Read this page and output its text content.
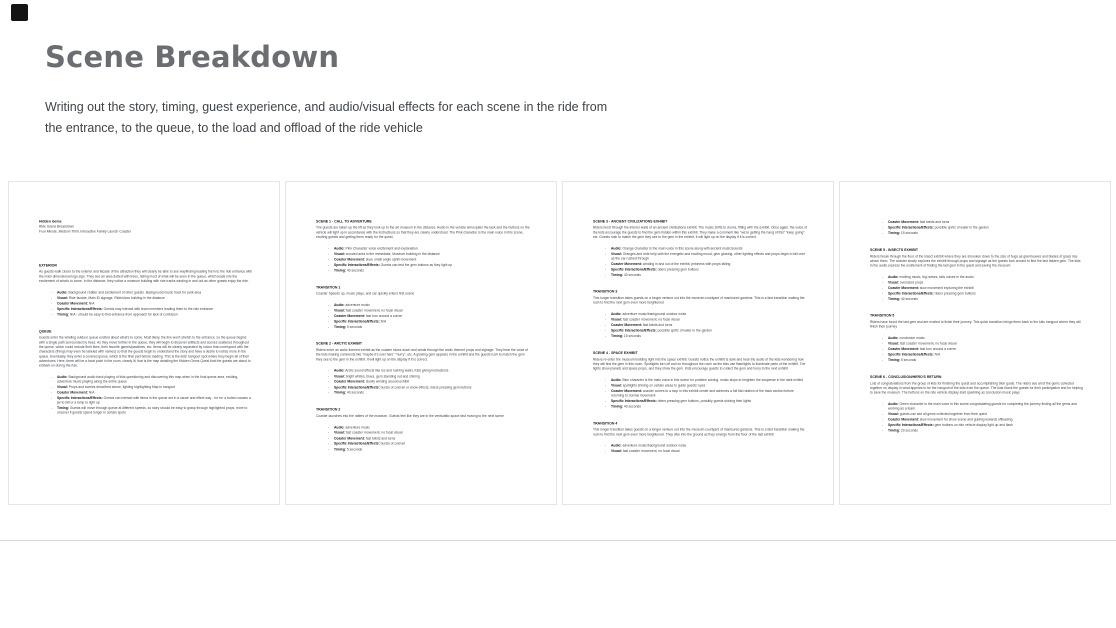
Scene Breakdown

Writing out the story, timing, guest experience, and audio/visual effects for each scene in the ride from the entrance, to the queue, to the load and offload of the ride vehicle

Hidden Gems
Ride Scene Breakdown
Four Minute, Medium Thrill, Interactive Family Launch Coaster
EXTERIOR

As guests walk closer to the exterior and facade of the attraction they will clearly be able to see wayfinding leading them to the ride entrance with the main dimensional logo sign. They see an area dotted with trees, hiding most of what will be seen in the queue, which leads into the excitement of what's to come. In the distance, they notice a museum building with ride tracks winding in and out as other guests enjoy the ride.

- Audio: Background chatter and excitement of other guests. Background music track for park area
- Visual: Ride facade, Main ID signage, Ride/show building in the distance
- Coaster Movement: N/A
- Specific Interactions/Effects: Guests may interact with team members leading them to the ride entrance
- Timing: N/A - should be easy to find entrance from approach for lack of confusion
QUEUE

Guests enter the winding outdoor queue excited about what's to come. Most likely, the line won't stretch to the entrance, so the queue begins with a single path surrounded by trees. As they move further in the queue, they will begin to discover artifacts and scenes scattered throughout the queue, which could include their likes, their favorite games/pastimes, etc. Items will be clearly separated by colors that correspond with the characters (things may even be labeled with names) so that the guests begin to understand the story and have a desire to notice more in the queue. Eventually, they enter a covered queue, which is the final part before loading. This is the kids' hangout spot where they begin all of their adventures. Here, there will be a focal point in the room, clearly lit, that is the map detailing the Hidden Gems Quest that the guests are about to embark on during the ride.

- Audio: Background audio track playing of kids questioning and discovering this map when in the final queue area, exciting, adventure music playing along the entire queue
- Visual: Props and scenes described above, lighting highlighting Map in hangout
- Coaster Movement: N/A
- Specific Interactions/Effects: Guests can interact with items in the queue set in a cause and effect way - for ex: a button causes a jar to fall or a lamp to light up
- Timing: Guests will move through queue at different speeds, so story should be easy to grasp through highlighted props; more to uncover if guests spend longer in certain spots
SCENE 1 - CALL TO ADVENTURE

The guests are taken up the lift as they look up to the art museum in the distance. Audio in the vehicle will explain the task and the buttons on the vehicle will light up in accordance with the instructions so that they are clearly understood. The Pink character is the main voice in this scene, exciting guests and getting them ready for the quest.

- Audio: Pink Character voice excitement and explanation
- Visual: wooded area in the immediate, Museum building in the distance
- Coaster Movement: slow, small angle uphill movement
- Specific Interactions/Effects: Guests can test the gem buttons as they light up
- Timing: 40 seconds
TRANSITION 1

Coaster Speeds up, music plays, and car quickly enters first scene

- Audio: adventure music
- Visual: fast coaster movement, no focal visual
- Coaster Movement: fast turn around a corner
- Specific Interactions/Effects: N/A
- Timing: 5 seconds
SCENE 2 - ARCTIC EXHIBIT

Riders enter an arctic themed exhibit as the coaster slows down and winds through the arctic themed props and signage. They hear the voice of the kids making comments like "maybe it's over here" "hurry", etc. A glowing gem appears in the exhibit and the guests rush to match the gem they see to the gem in the exhibit. It will light up on the display if it is correct.

- Audio: Arctic sound effects like ice and rushing water, Kids giving instructions
- Visual: bright whites, blues, gem standing out and shining
- Coaster Movement: slowly winding around exhibit
- Specific Interactions/Effects: bursts of cold air or snow effects, riders pressing gem buttons
- Timing: 40 seconds
TRANSITION 2

Coaster launches into the rafters of the museum. Guests feel like they are in the vents/attic space fast moving to the next scene

- Audio: adventure music
- Visual: fast coaster movement, no focal visual
- Coaster Movement: fast twists and turns
- Specific Interactions/Effects: bursts of cold air
- Timing: 5 seconds
SCENE 3 - ANCIENT CIVILIZATIONS EXHIBIT

Riders burst through the interior walls of an ancient civilizations exhibit. The music shifts to drums, fitting with the exhibit. Once again, the voice of the kids encourage the guests to find the gem hidden within this exhibit. They make a comment like "we're getting the hang of this" "keep going" etc. Guests rush to match the gem they see to the gem in the exhibit. It will light up on the display if it is correct.

- Audio: Orange character is the main voice in this scene along with ancient music/sounds
- Visual: Oranges and reds help with the energetic and exciting mood, gem glowing, other lighting effects and props begin to fall over as the car rushed through
- Coaster Movement: winding in and out of the exhibit, jerkiness with props falling
- Specific Interactions/Effects: riders pressing gem buttons
- Timing: 40 seconds
TRANSITION 3

This longer transition takes guests on a longer venture out into the museum courtyard of manicured gardens. This is a fast transition making the rush to find the next gem even more heightened

- Audio: adventure music/background outdoor noise
- Visual: fast coaster movement, no focal visual
- Coaster Movement: fast twists and turns
- Specific Interactions/Effects: possible spritz of water in the garden
- Timing: 15 seconds
SCENE 4 - SPACE EXHIBIT

Riders re-enter the museum building right into the space exhibit. Guests notice the exhibit is dark and hear the audio of the kids wondering how they will find the gem in this room. Spotlights turn off and on throughout the room as the kids use flashlights to illuminate parts of the exhibit. The lights show planets and space props, and they show the gem. Kids encourage guests to collect the gem and hurry to the next exhibit

- Audio: Blue character is the main voice in this scene for problem solving, music stops to heighten the suspense in the dark exhibit
- Visual: spotlights shining on certain areas to guide guests' eyes
- Coaster Movement: coaster comes to a stop in this exhibit center and achieves a full flat rotation of the track section before returning to normal movement
- Specific Interactions/Effects: riders pressing gem buttons, possibly guests shining their lights
- Timing: 40 seconds
TRANSITION 4

This longer transition takes guests on a longer venture out into the museum courtyard of manicured gardens. This is a fast transition making the rush to find the next gem even more heightened. They dive into the ground as they emerge from the floor of the last exhibit

- Audio: adventure music/background outdoor noise
- Visual: fast coaster movement, no focal visual
- Coaster Movement: fast twists and turns
- Specific Interactions/Effects: possible spritz of water in the garden
- Timing: 15 seconds
SCENE 5 - INSECTS EXHIBIT

Riders break through the floor of the insect exhibit where they are shrunken down to the size of bugs as giant leaves and blades of grass rise above them. The coaster slowly explores the exhibit through props and signage as the guests look around to find the last hidden gem. The kids in the audio express the excitement of finding the last gem in the quest and saving the museum

- Audio: exciting music, big noises, kids voices in the audio
- Visual: oversized props
- Coaster Movement: slow movement exploring the exhibit
- Specific Interactions/Effects: riders pressing gem buttons
- Timing: 40 seconds
TRANSITION 5

Riders have found the last gem and are excited to finish their journey. This quick transition brings them back to the kids hangout where they will finish their journey

- Audio: conclusion music
- Visual: fast coaster movement, no focal visual
- Coaster Movement: fast turn around a corner
- Specific Interactions/Effects: N/A
- Timing: 5 seconds
SCENE 6 - CONCLUSION/HERO'S RETURN

Lots of congratulations from the group of kids for finishing the quest and accomplishing their goals. The riders see all of the gems collected together on display in what appears to be the hangout of the kids from the queue. The kids thank the guests for their participation and for helping to save the museum. The buttons on the ride vehicle display start sparkling as conclusion music plays

- Audio: Green character is the main voice in this scene congratulating guests for completing the journey finding all the gems and working as a team
- Visual: guests can see all gems collected together from their quest
- Coaster Movement: slow movement for show scene and guiding towards offloading
- Specific Interactions/Effects: gem buttons on ride vehicle display light up and flash
- Timing: 20 seconds
